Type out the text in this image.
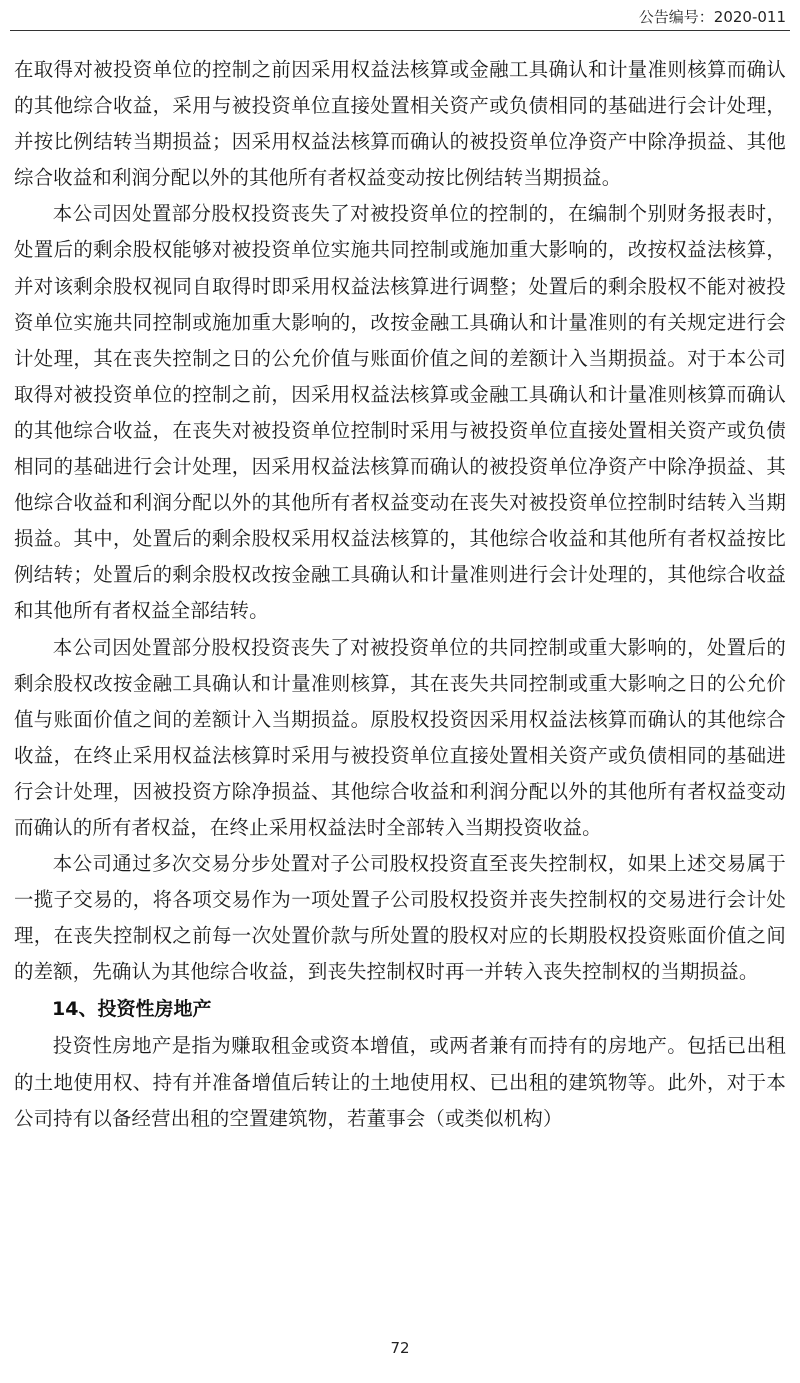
公告编号：2020-011

在取得对被投资单位的控制之前因采用权益法核算或金融工具确认和计量准则核算而确认的其他综合收益，采用与被投资单位直接处置相关资产或负债相同的基础进行会计处理，并按比例结转当期损益；因采用权益法核算而确认的被投资单位净资产中除净损益、其他综合收益和利润分配以外的其他所有者权益变动按比例结转当期损益。

本公司因处置部分股权投资丧失了对被投资单位的控制的，在编制个别财务报表时，处置后的剩余股权能够对被投资单位实施共同控制或施加重大影响的，改按权益法核算，并对该剩余股权视同自取得时即采用权益法核算进行调整；处置后的剩余股权不能对被投资单位实施共同控制或施加重大影响的，改按金融工具确认和计量准则的有关规定进行会计处理，其在丧失控制之日的公允价值与账面价值之间的差额计入当期损益。对于本公司取得对被投资单位的控制之前，因采用权益法核算或金融工具确认和计量准则核算而确认的其他综合收益，在丧失对被投资单位控制时采用与被投资单位直接处置相关资产或负债相同的基础进行会计处理，因采用权益法核算而确认的被投资单位净资产中除净损益、其他综合收益和利润分配以外的其他所有者权益变动在丧失对被投资单位控制时结转入当期损益。其中，处置后的剩余股权采用权益法核算的，其他综合收益和其他所有者权益按比例结转；处置后的剩余股权改按金融工具确认和计量准则进行会计处理的，其他综合收益和其他所有者权益全部结转。

本公司因处置部分股权投资丧失了对被投资单位的共同控制或重大影响的，处置后的剩余股权改按金融工具确认和计量准则核算，其在丧失共同控制或重大影响之日的公允价值与账面价值之间的差额计入当期损益。原股权投资因采用权益法核算而确认的其他综合收益，在终止采用权益法核算时采用与被投资单位直接处置相关资产或负债相同的基础进行会计处理，因被投资方除净损益、其他综合收益和利润分配以外的其他所有者权益变动而确认的所有者权益，在终止采用权益法时全部转入当期投资收益。

本公司通过多次交易分步处置对子公司股权投资直至丧失控制权，如果上述交易属于一揽子交易的，将各项交易作为一项处置子公司股权投资并丧失控制权的交易进行会计处理，在丧失控制权之前每一次处置价款与所处置的股权对应的长期股权投资账面价值之间的差额，先确认为其他综合收益，到丧失控制权时再一并转入丧失控制权的当期损益。

14、投资性房地产

投资性房地产是指为赚取租金或资本增值，或两者兼有而持有的房地产。包括已出租的土地使用权、持有并准备增值后转让的土地使用权、已出租的建筑物等。此外，对于本公司持有以备经营出租的空置建筑物，若董事会（或类似机构）

72
